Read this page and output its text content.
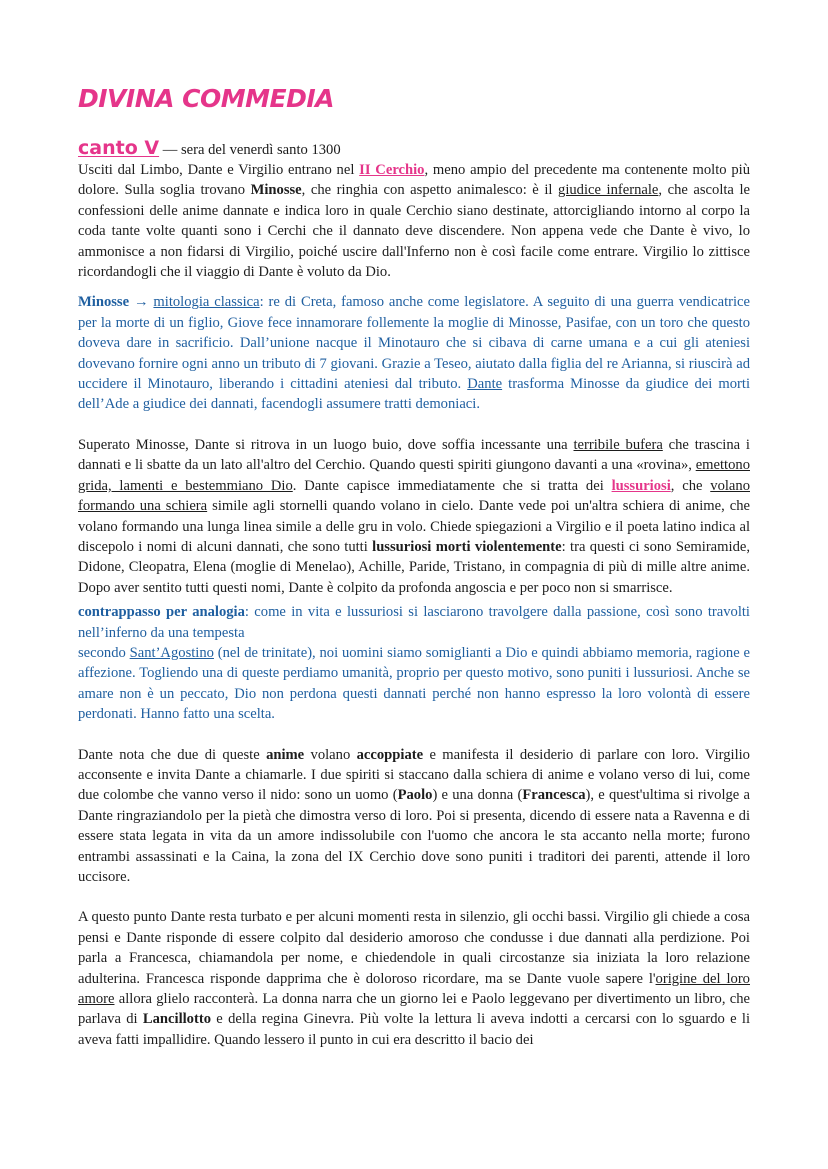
DIVINA COMMEDIA
canto V — sera del venerdì santo 1300

Usciti dal Limbo, Dante e Virgilio entrano nel II Cerchio, meno ampio del precedente ma contenente molto più dolore. Sulla soglia trovano Minosse, che ringhia con aspetto animalesco: è il giudice infernale, che ascolta le confessioni delle anime dannate e indica loro in quale Cerchio siano destinate, attorcigliando intorno al corpo la coda tante volte quanti sono i Cerchi che il dannato deve discendere. Non appena vede che Dante è vivo, lo ammonisce a non fidarsi di Virgilio, poiché uscire dall'Inferno non è così facile come entrare. Virgilio lo zittisce ricordandogli che il viaggio di Dante è voluto da Dio.

Minosse → mitologia classica: re di Creta, famoso anche come legislatore. A seguito di una guerra vendicatrice per la morte di un figlio, Giove fece innamorare follemente la moglie di Minosse, Pasifae, con un toro che questo doveva dare in sacrificio. Dall’unione nacque il Minotauro che si cibava di carne umana e a cui gli ateniesi dovevano fornire ogni anno un tributo di 7 giovani. Grazie a Teseo, aiutato dalla figlia del re Arianna, si riuscirà ad uccidere il Minotauro, liberando i cittadini ateniesi dal tributo. Dante trasforma Minosse da giudice dei morti dell’Ade a giudice dei dannati, facendogli assumere tratti demoniaci.

Superato Minosse, Dante si ritrova in un luogo buio, dove soffia incessante una terribile bufera che trascina i dannati e li sbatte da un lato all'altro del Cerchio. Quando questi spiriti giungono davanti a una «rovina», emettono grida, lamenti e bestemmiano Dio. Dante capisce immediatamente che si tratta dei lussuriosi, che volano formando una schiera simile agli stornelli quando volano in cielo. Dante vede poi un'altra schiera di anime, che volano formando una lunga linea simile a delle gru in volo. Chiede spiegazioni a Virgilio e il poeta latino indica al discepolo i nomi di alcuni dannati, che sono tutti lussuriosi morti violentemente: tra questi ci sono Semiramide, Didone, Cleopatra, Elena (moglie di Menelao), Achille, Paride, Tristano, in compagnia di più di mille altre anime. Dopo aver sentito tutti questi nomi, Dante è colpito da profonda angoscia e per poco non si smarrisce.

contrappasso per analogia: come in vita e lussuriosi si lasciarono travolgere dalla passione, così sono travolti nell’inferno da una tempesta
secondo Sant’Agostino (nel de trinitate), noi uomini siamo somiglianti a Dio e quindi abbiamo memoria, ragione e affezione. Togliendo una di queste perdiamo umanità, proprio per questo motivo, sono puniti i lussuriosi. Anche se amare non è un peccato, Dio non perdona questi dannati perché non hanno espresso la loro volontà di essere perdonati. Hanno fatto una scelta.

Dante nota che due di queste anime volano accoppiate e manifesta il desiderio di parlare con loro. Virgilio acconsente e invita Dante a chiamarle. I due spiriti si staccano dalla schiera di anime e volano verso di lui, come due colombe che vanno verso il nido: sono un uomo (Paolo) e una donna (Francesca), e quest'ultima si rivolge a Dante ringraziandolo per la pietà che dimostra verso di loro. Poi si presenta, dicendo di essere nata a Ravenna e di essere stata legata in vita da un amore indissolubile con l'uomo che ancora le sta accanto nella morte; furono entrambi assassinati e la Caina, la zona del IX Cerchio dove sono puniti i traditori dei parenti, attende il loro uccisore.

A questo punto Dante resta turbato e per alcuni momenti resta in silenzio, gli occhi bassi. Virgilio gli chiede a cosa pensi e Dante risponde di essere colpito dal desiderio amoroso che condusse i due dannati alla perdizione. Poi parla a Francesca, chiamandola per nome, e chiedendole in quali circostanze sia iniziata la loro relazione adulterina. Francesca risponde dapprima che è doloroso ricordare, ma se Dante vuole sapere l'origine del loro amore allora glielo racconterà. La donna narra che un giorno lei e Paolo leggevano per divertimento un libro, che parlava di Lancillotto e della regina Ginevra. Più volte la lettura li aveva indotti a cercarsi con lo sguardo e li aveva fatti impallidire. Quando lessero il punto in cui era descritto il bacio dei
